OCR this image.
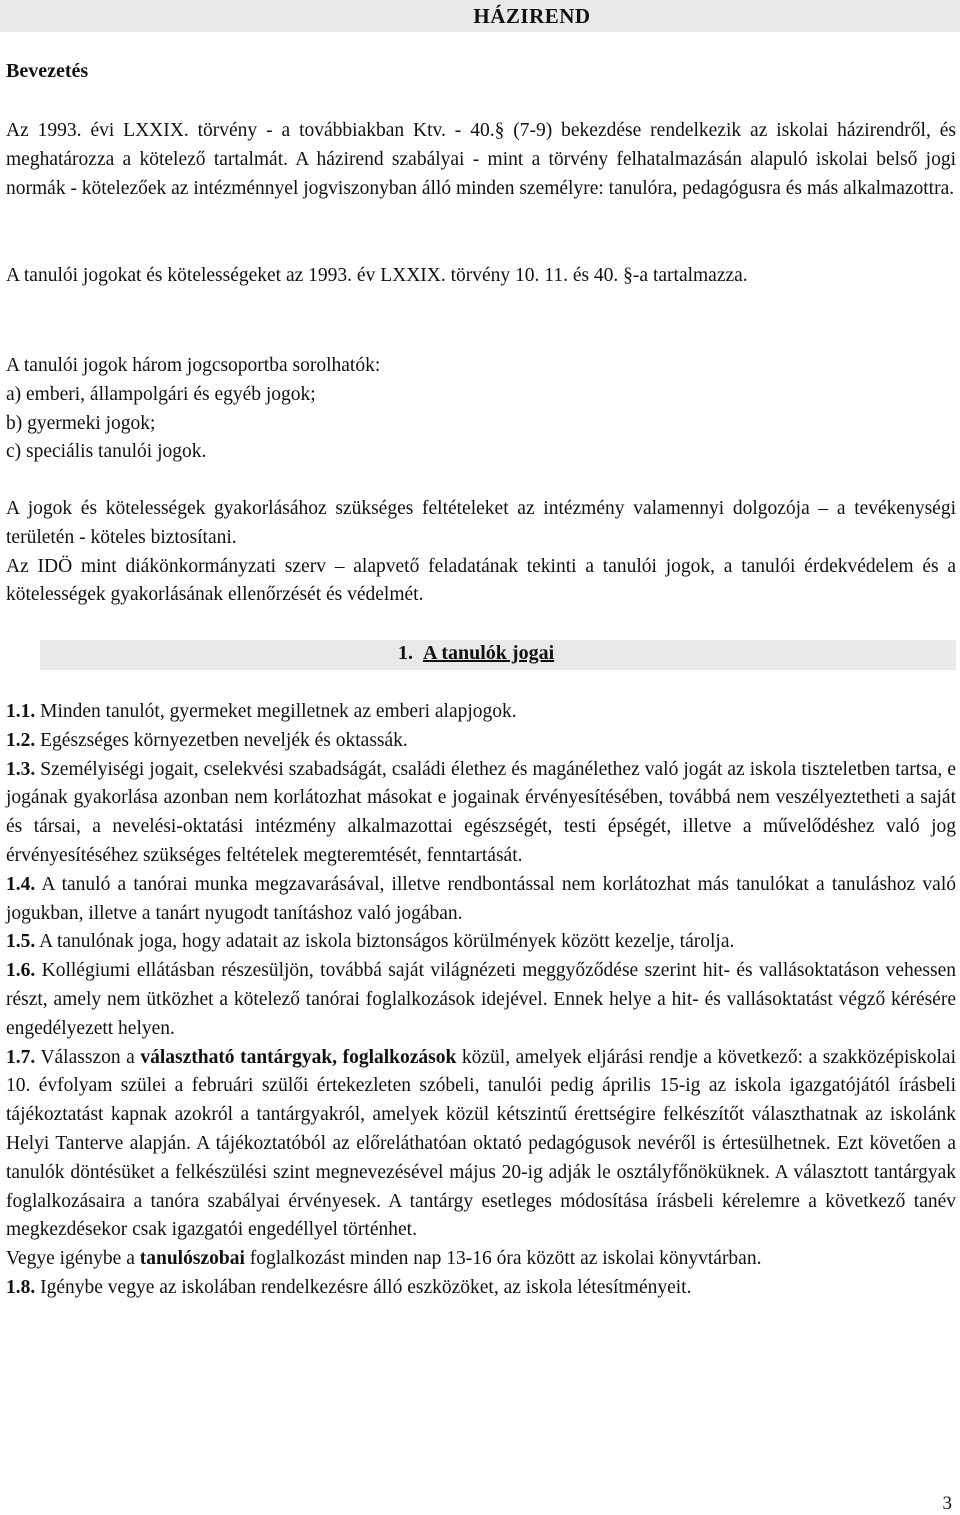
HÁZIREND
Bevezetés
Az 1993. évi LXXIX. törvény - a továbbiakban Ktv. - 40.§ (7-9) bekezdése rendelkezik az iskolai házirendről, és meghatározza a kötelező tartalmát. A házirend szabályai - mint a törvény felhatalmazásán alapuló iskolai belső jogi normák - kötelezőek az intézménnyel jogviszonyban álló minden személyre: tanulóra, pedagógusra és más alkalmazottra.
A tanulói jogokat és kötelességeket az 1993. év LXXIX. törvény 10. 11. és 40. §-a tartalmazza.

A tanulói jogok három jogcsoportba sorolhatók:

a) emberi, állampolgári és egyéb jogok;

b) gyermeki jogok;

c) speciális tanulói jogok.

A jogok és kötelességek gyakorlásához szükséges feltételeket az intézmény valamennyi dolgozója – a tevékenységi területén - köteles biztosítani.

Az IDÖ mint diákönkormányzati szerv – alapvető feladatának tekinti a tanulói jogok, a tanulói érdekvédelem és a kötelességek gyakorlásának ellenőrzését és védelmét.

1. A tanulók jogai

1.1. Minden tanulót, gyermeket megilletnek az emberi alapjogok.

1.2. Egészséges környezetben neveljék és oktassák.

1.3. Személyiségi jogait, cselekvési szabadságát, családi élethez és magánélethez való jogát az iskola tiszteletben tartsa, e jogának gyakorlása azonban nem korlátozhat másokat e jogainak érvényesítésében, továbbá nem veszélyeztetheti a saját és társai, a nevelési-oktatási intézmény alkalmazottai egészségét, testi épségét, illetve a művelődéshez való jog érvényesítéséhez szükséges feltételek megteremtését, fenntartását.

1.4. A tanuló a tanórai munka megzavarásával, illetve rendbontással nem korlátozhat más tanulókat a tanuláshoz való jogukban, illetve a tanárt nyugodt tanításhoz való jogában.

1.5. A tanulónak joga, hogy adatait az iskola biztonságos körülmények között kezelje, tárolja.

1.6. Kollégiumi ellátásban részesüljön, továbbá saját világnézeti meggyőződése szerint hit- és vallásoktatáson vehessen részt, amely nem ütközhet a kötelező tanórai foglalkozások idejével. Ennek helye a hit- és vallásoktatást végző kérésére engedélyezett helyen.

1.7. Válasszon a választható tantárgyak, foglalkozások közül, amelyek eljárási rendje a következő: a szakközépiskolai 10. évfolyam szülei a februári szülői értekezleten szóbeli, tanulói pedig április 15-ig az iskola igazgatójától írásbeli tájékoztatást kapnak azokról a tantárgyakról, amelyek közül kétszintű érettségire felkészítőt választhatnak az iskolánk Helyi Tanterve alapján. A tájékoztatóból az előreláthatóan oktató pedagógusok nevéről is értesülhetnek. Ezt követően a tanulók döntésüket a felkészülési szint megnevezésével május 20-ig adják le osztályfőnöküknek. A választott tantárgyak foglalkozásaira a tanóra szabályai érvényesek. A tantárgy esetleges módosítása írásbeli kérelemre a következő tanév megkezdésekor csak igazgatói engedéllyel történhet.

Vegye igénybe a tanulószobai foglalkozást minden nap 13-16 óra között az iskolai könyvtárban.

1.8. Igénybe vegye az iskolában rendelkezésre álló eszközöket, az iskola létesítményeit.

3
